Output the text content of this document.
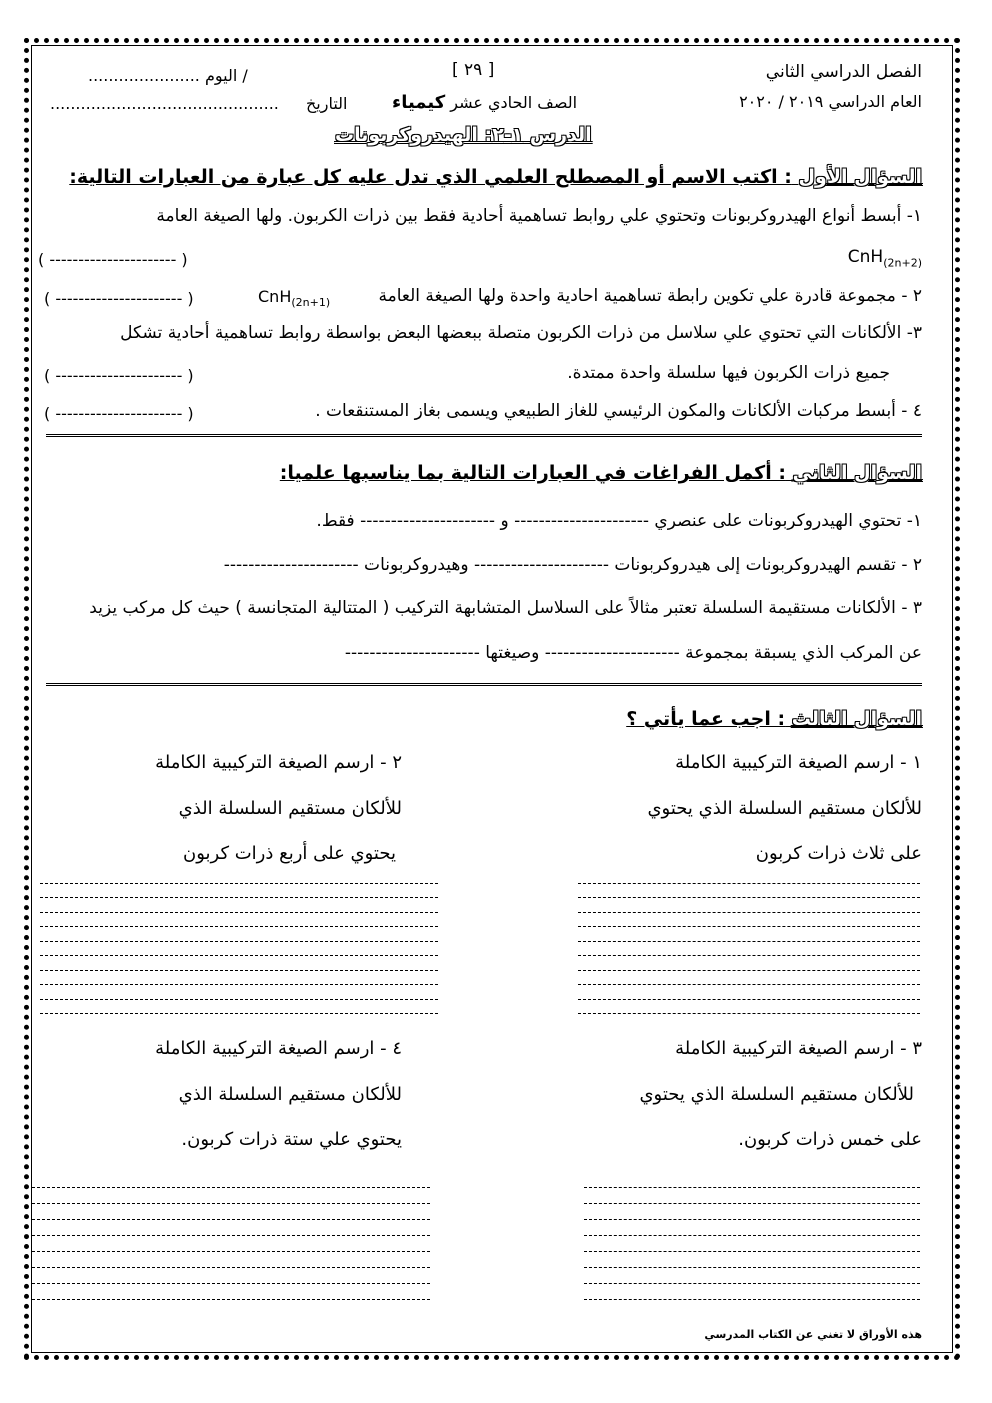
الفصل الدراسي الثاني
العام الدراسي ٢٠١٩ / ٢٠٢٠
[ ٢٩ ]
الصف الحادي عشر كيمياء
...................... اليوم /
............................................. التاريخ
الدرس ١-٢: الهيدروكربونات
السؤال الأول : اكتب الاسم أو المصطلح العلمي الذي تدل عليه كل عبارة من العبارات التالية:
١- أبسط أنواع الهيدروكربونات وتحتوي علي روابط تساهمية أحادية فقط بين ذرات الكربون. ولها الصيغة العامة
CnH$_{(2n+2)}$
( ---------------------- )
٢ - مجموعة قادرة علي تكوين رابطة تساهمية احادية واحدة ولها الصيغة العامة
CnH$_{(2n+1)}$
( ---------------------- )
٣- الألكانات التي تحتوي علي سلاسل من ذرات الكربون متصلة ببعضها البعض بواسطة روابط تساهمية أحادية تشكل
جميع ذرات الكربون فيها سلسلة واحدة ممتدة.
( ---------------------- )
٤ - أبسط مركبات الألكانات والمكون الرئيسي للغاز الطبيعي ويسمى بغاز المستنقعات .
( ---------------------- )
السؤال الثاني : أكمل الفراغات في العبارات التالية بما يناسبها علميا:
١- تحتوي الهيدروكربونات على عنصري ---------------------- و ---------------------- فقط.
٢ - تقسم الهيدروكربونات إلى هيدروكربونات ---------------------- وهيدروكربونات ----------------------
٣ - الألكانات مستقيمة السلسلة تعتبر مثالاً على السلاسل المتشابهة التركيب ( المتتالية المتجانسة ) حيث كل مركب يزيد
عن المركب الذي يسبقة بمجموعة ---------------------- وصيغتها ----------------------
السؤال الثالث : اجب عما يأتي ؟
١ - ارسم الصيغة التركيبية الكاملة
للألكان مستقيم السلسلة الذي يحتوي
على ثلاث ذرات كربون
٢ - ارسم الصيغة التركيبية الكاملة
للألكان مستقيم السلسلة الذي
يحتوي على أربع ذرات كربون
٣ - ارسم الصيغة التركيبية الكاملة
للألكان مستقيم السلسلة الذي يحتوي
على خمس ذرات كربون.
٤ - ارسم الصيغة التركيبية الكاملة
للألكان مستقيم السلسلة الذي
يحتوي علي ستة ذرات كربون.
هذه الأوراق لا تغني عن الكتاب المدرسي
